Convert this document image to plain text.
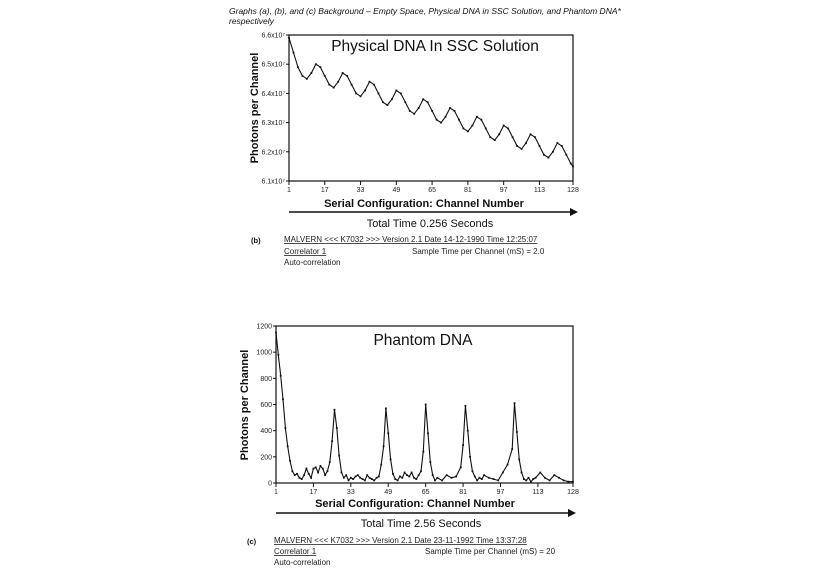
Graphs (a), (b), and (c) Background – Empty Space, Physical DNA in SSC Solution, and Phantom DNA* respectively
6.1x10⁷
6.2x10⁷
6.3x10⁷
6.4x10⁷
6.5x10⁷
6.6x10⁷
1	17	33	49	65	81	97	113	128
Physical DNA In SSC Solution
Photons per Channel
Serial Configuration: Channel Number
Total Time 0.256 Seconds
(b)	MALVERN <<< K7032 >>> Version 2.1 Date 14-12-1990 Time 12:25:07
Correlator 1	Sample Time per Channel (mS) = 2.0
Auto-correlation
0
200
400
600
800
1000
1200
1	17	33	49	65	81	97	113	128
Phantom DNA
Photons per Channel
Serial Configuration: Channel Number
Total Time 2.56 Seconds
(c) MALVERN <<< K7032 >>> Version 2.1 Date 23-11-1992 Time 13:37:28
Correlator 1	Sample Time per Channel (mS) = 20
Auto-correlation
